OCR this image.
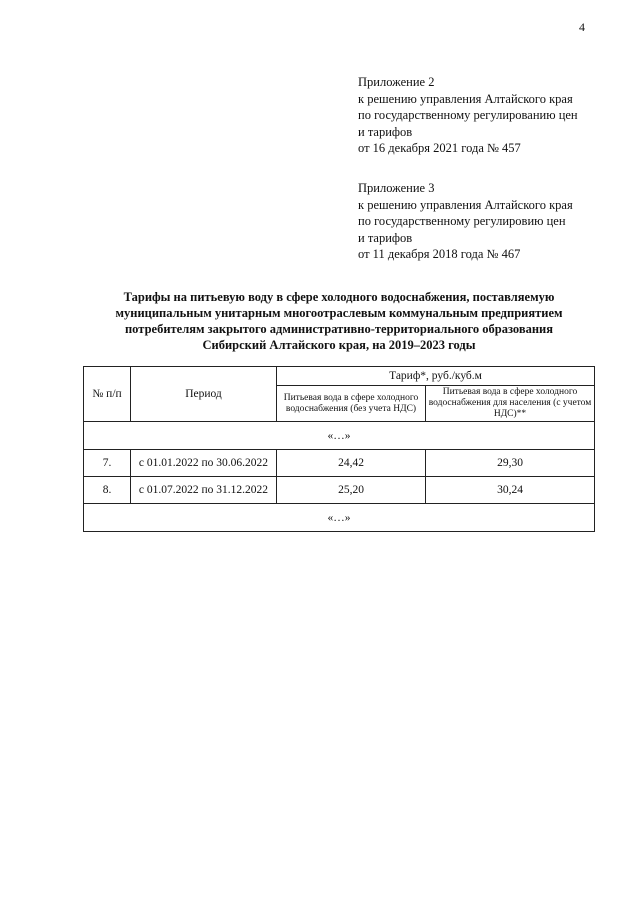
4
Приложение 2
к решению управления Алтайского края
по государственному регулированию цен
и тарифов
от 16 декабря 2021 года № 457
Приложение 3
к решению управления Алтайского края
по государственному регулировию цен
и тарифов
от 11 декабря 2018 года № 467
Тарифы на питьевую воду в сфере холодного водоснабжения, поставляемую
муниципальным унитарным многоотраслевым коммунальным предприятием
потребителям закрытого административно-территориального образования
Сибирский Алтайского края, на 2019–2023 годы
№ п/п	Период	Тариф*, руб./куб.м	
		Питьевая вода в сфере холодного водоснабжения (без учета НДС)	Питьевая вода в сфере холодного водоснабжения для населения (с учетом НДС)**
«…»			
7.	с 01.01.2022 по 30.06.2022	24,42	29,30
8.	с 01.07.2022 по 31.12.2022	25,20	30,24
«…»			
